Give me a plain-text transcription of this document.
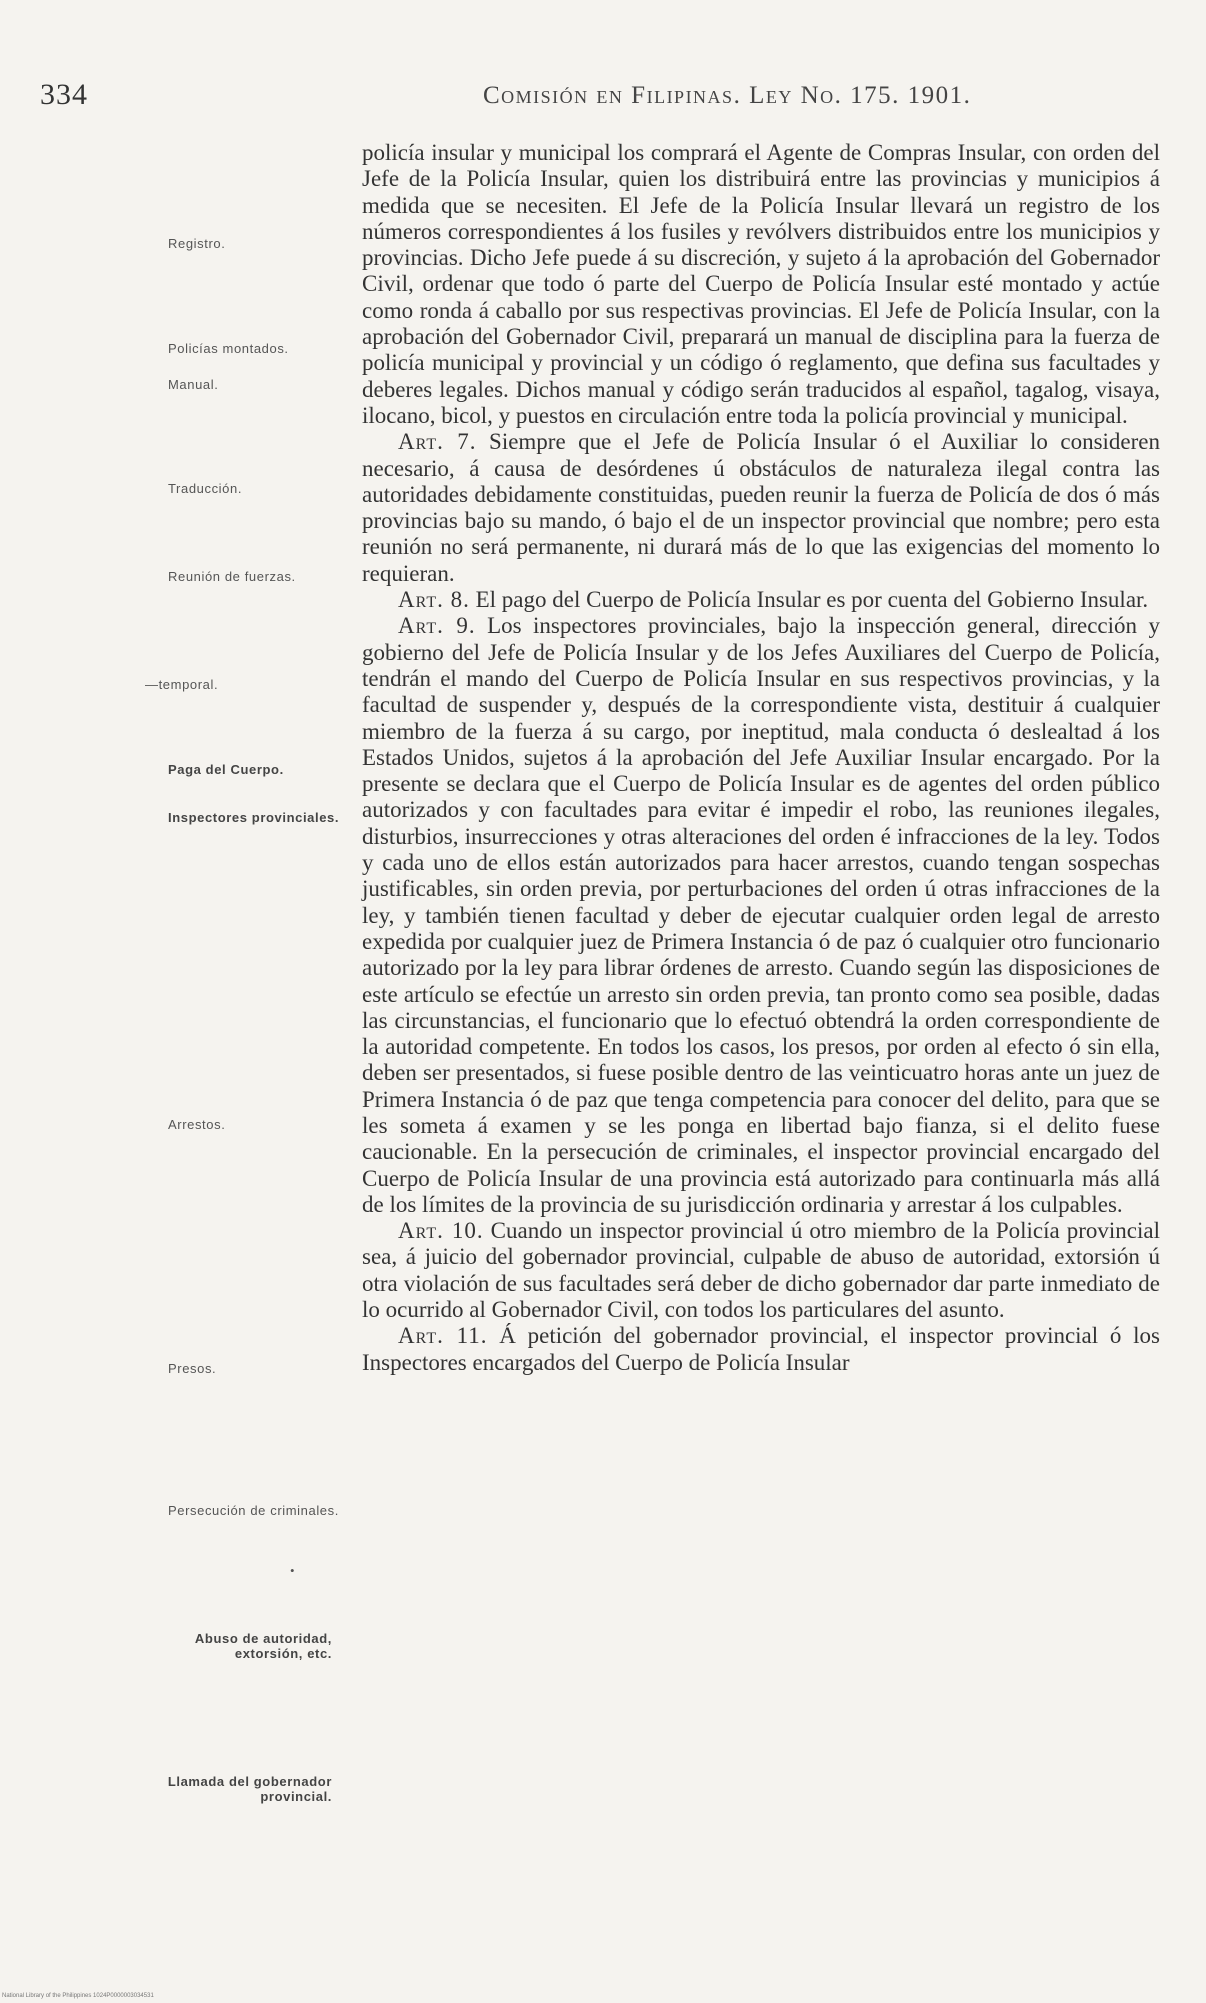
334	Comisión en Filipinas. Ley No. 175. 1901.
Registro.
Policías montados.
Manual.
Traducción.
Reunión de fuerzas.
—temporal.
Paga del Cuerpo.
Inspectores provinciales.
Arrestos.
Presos.
Persecución de criminales.
•
Abuso de autoridad, extorsión, etc.
Llamada del gobernador provincial.

policía insular y municipal los comprará el Agente de Compras Insular, con orden del Jefe de la Policía Insular, quien los distribuirá entre las provincias y municipios á medida que se necesiten. El Jefe de la Policía Insular llevará un registro de los números correspondientes á los fusiles y revólvers distribuidos entre los municipios y provincias. Dicho Jefe puede á su discreción, y sujeto á la aprobación del Gobernador Civil, ordenar que todo ó parte del Cuerpo de Policía Insular esté montado y actúe como ronda á caballo por sus respectivas provincias. El Jefe de Policía Insular, con la aprobación del Gobernador Civil, preparará un manual de disciplina para la fuerza de policía municipal y provincial y un código ó reglamento, que defina sus facultades y deberes legales. Dichos manual y código serán traducidos al español, tagalog, visaya, ilocano, bicol, y puestos en circulación entre toda la policía provincial y municipal.

Art. 7. Siempre que el Jefe de Policía Insular ó el Auxiliar lo consideren necesario, á causa de desórdenes ú obstáculos de naturaleza ilegal contra las autoridades debidamente constituidas, pueden reunir la fuerza de Policía de dos ó más provincias bajo su mando, ó bajo el de un inspector provincial que nombre; pero esta reunión no será permanente, ni durará más de lo que las exigencias del momento lo requieran.

Art. 8. El pago del Cuerpo de Policía Insular es por cuenta del Gobierno Insular.

Art. 9. Los inspectores provinciales, bajo la inspección general, dirección y gobierno del Jefe de Policía Insular y de los Jefes Auxiliares del Cuerpo de Policía, tendrán el mando del Cuerpo de Policía Insular en sus respectivos provincias, y la facultad de suspender y, después de la correspondiente vista, destituir á cualquier miembro de la fuerza á su cargo, por ineptitud, mala conducta ó deslealtad á los Estados Unidos, sujetos á la aprobación del Jefe Auxiliar Insular encargado. Por la presente se declara que el Cuerpo de Policía Insular es de agentes del orden público autorizados y con facultades para evitar é impedir el robo, las reuniones ilegales, disturbios, insurrecciones y otras alteraciones del orden é infracciones de la ley. Todos y cada uno de ellos están autorizados para hacer arrestos, cuando tengan sospechas justificables, sin orden previa, por perturbaciones del orden ú otras infracciones de la ley, y también tienen facultad y deber de ejecutar cualquier orden legal de arresto expedida por cualquier juez de Primera Instancia ó de paz ó cualquier otro funcionario autorizado por la ley para librar órdenes de arresto. Cuando según las disposiciones de este artículo se efectúe un arresto sin orden previa, tan pronto como sea posible, dadas las circunstancias, el funcionario que lo efectuó obtendrá la orden correspondiente de la autoridad competente. En todos los casos, los presos, por orden al efecto ó sin ella, deben ser presentados, si fuese posible dentro de las veinticuatro horas ante un juez de Primera Instancia ó de paz que tenga competencia para conocer del delito, para que se les someta á examen y se les ponga en libertad bajo fianza, si el delito fuese caucionable. En la persecución de criminales, el inspector provincial encargado del Cuerpo de Policía Insular de una provincia está autorizado para continuarla más allá de los límites de la provincia de su jurisdicción ordinaria y arrestar á los culpables.

Art. 10. Cuando un inspector provincial ú otro miembro de la Policía provincial sea, á juicio del gobernador provincial, culpable de abuso de autoridad, extorsión ú otra violación de sus facultades será deber de dicho gobernador dar parte inmediato de lo ocurrido al Gobernador Civil, con todos los particulares del asunto.

Art. 11. Á petición del gobernador provincial, el inspector provincial ó los Inspectores encargados del Cuerpo de Policía Insular

National Library of the Philippines 1024P0000003034531
